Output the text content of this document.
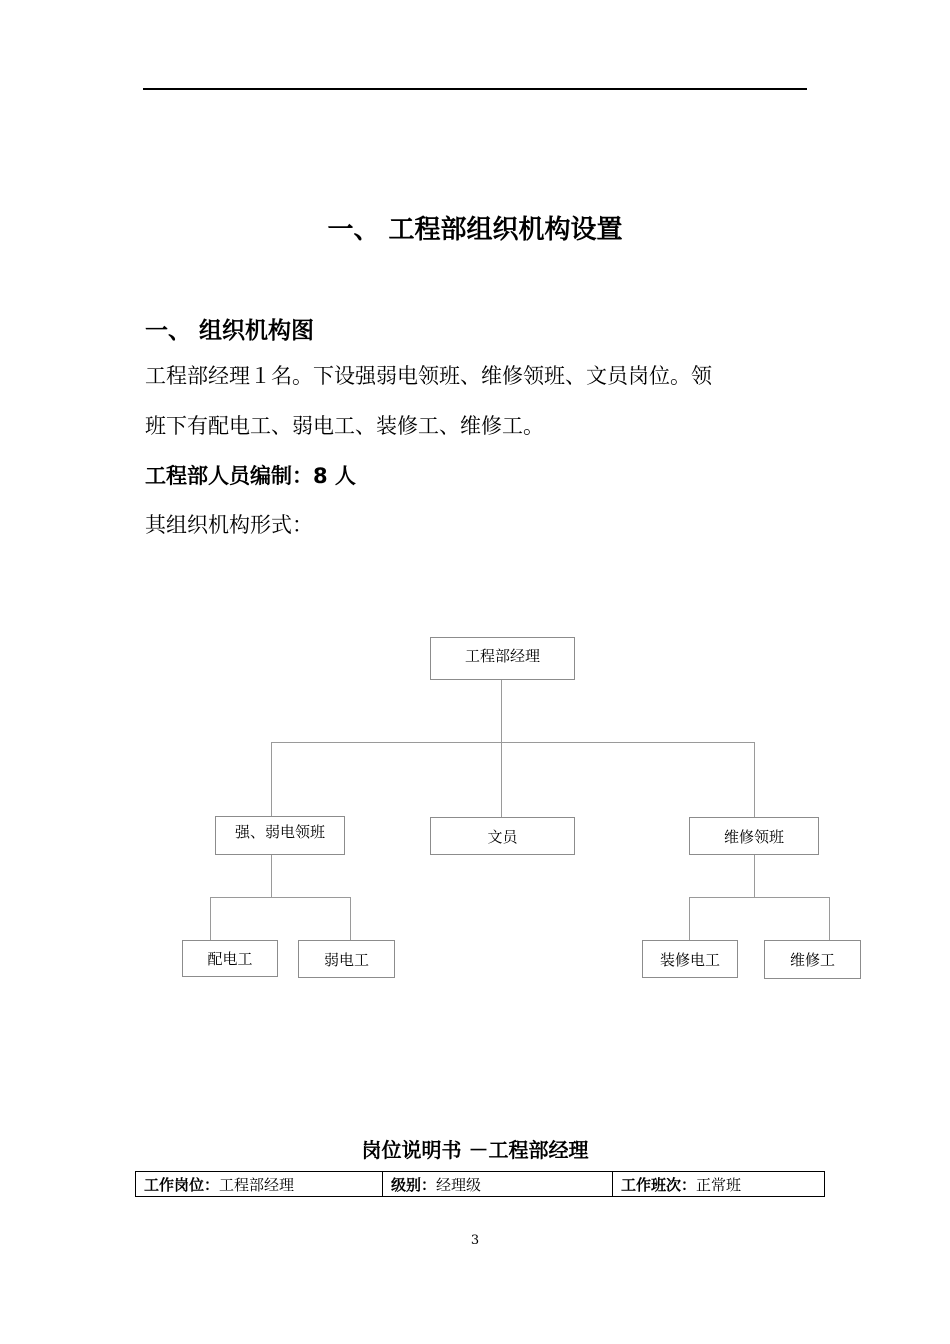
一、 工程部组织机构设置
一、 组织机构图
工程部经理１名。下设强弱电领班、维修领班、文员岗位。领
班下有配电工、弱电工、装修工、维修工。
工程部人员编制：8 人
其组织机构形式：
工程部经理
强、弱电领班	文员	维修领班
配电工	弱电工	装修电工	维修工
岗位说明书 －工程部经理
工作岗位：工程部经理	级别：经理级	工作班次：正常班
3
